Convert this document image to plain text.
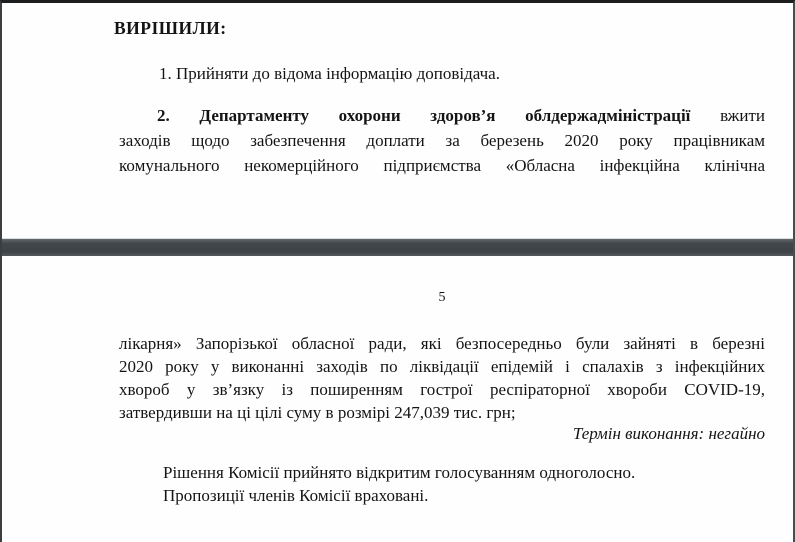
ВИРІШИЛИ:
1. Прийняти до відома інформацію доповідача.
2. Департаменту охорони здоров’я облдержадміністрації вжити
заходів щодо забезпечення доплати за березень 2020 року працівникам
комунального некомерційного підприємства «Обласна інфекційна клінічна
5
лікарня» Запорізької обласної ради, які безпосередньо були зайняті в березні
2020 року у виконанні заходів по ліквідації епідемій і спалахів з інфекційних
хвороб у зв’язку із поширенням гострої респіраторної хвороби COVID-19,
затвердивши на ці цілі суму в розмірі 247,039 тис. грн;
Термін виконання: негайно
Рішення Комісії прийнято відкритим голосуванням одноголосно.
Пропозиції членів Комісії враховані.
